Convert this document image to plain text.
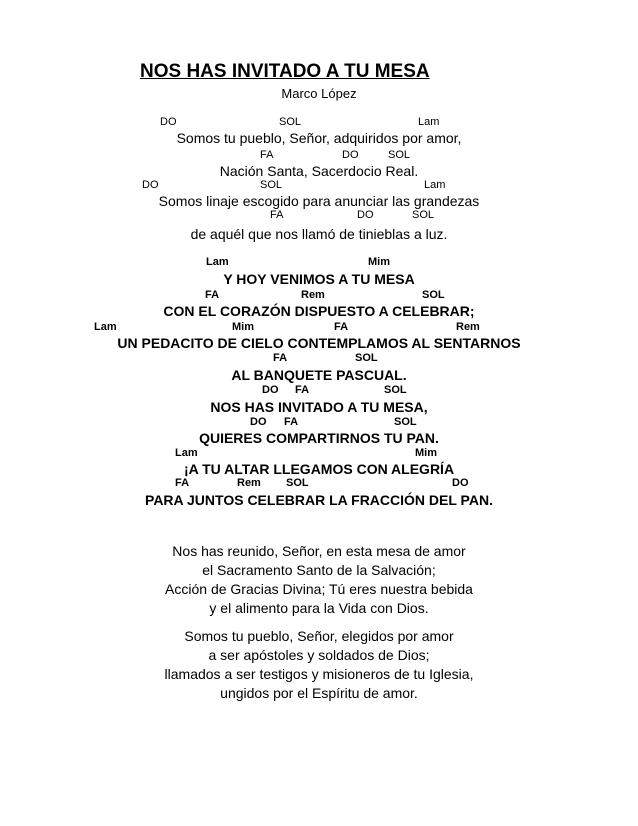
NOS HAS INVITADO A TU MESA
Marco López
DO	SOL	Lam
Somos tu pueblo, Señor, adquiridos por amor,
FA	DO	SOL
Nación Santa, Sacerdocio Real.
DO	SOL	Lam
Somos linaje escogido para anunciar las grandezas
FA	DO	SOL
de aquél que nos llamó de tinieblas a luz.
Lam	Mim
Y HOY VENIMOS A TU MESA
FA	Rem	SOL
CON EL CORAZÓN DISPUESTO A CELEBRAR;
Lam	Mim	FA	Rem
UN PEDACITO DE CIELO CONTEMPLAMOS AL SENTARNOS
FA	SOL
AL BANQUETE PASCUAL.
DO FA	SOL
NOS HAS INVITADO A TU MESA,
DO FA	SOL
QUIERES COMPARTIRNOS TU PAN.
Lam	Mim
¡A TU ALTAR LLEGAMOS CON ALEGRÍA
FA	Rem SOL	DO
PARA JUNTOS CELEBRAR LA FRACCIÓN DEL PAN.
Nos has reunido, Señor, en esta mesa de amor
el Sacramento Santo de la Salvación;
Acción de Gracias Divina; Tú eres nuestra bebida
y el alimento para la Vida con Dios.
Somos tu pueblo, Señor, elegidos por amor
a ser apóstoles y soldados de Dios;
llamados a ser testigos y misioneros de tu Iglesia,
ungidos por el Espíritu de amor.
